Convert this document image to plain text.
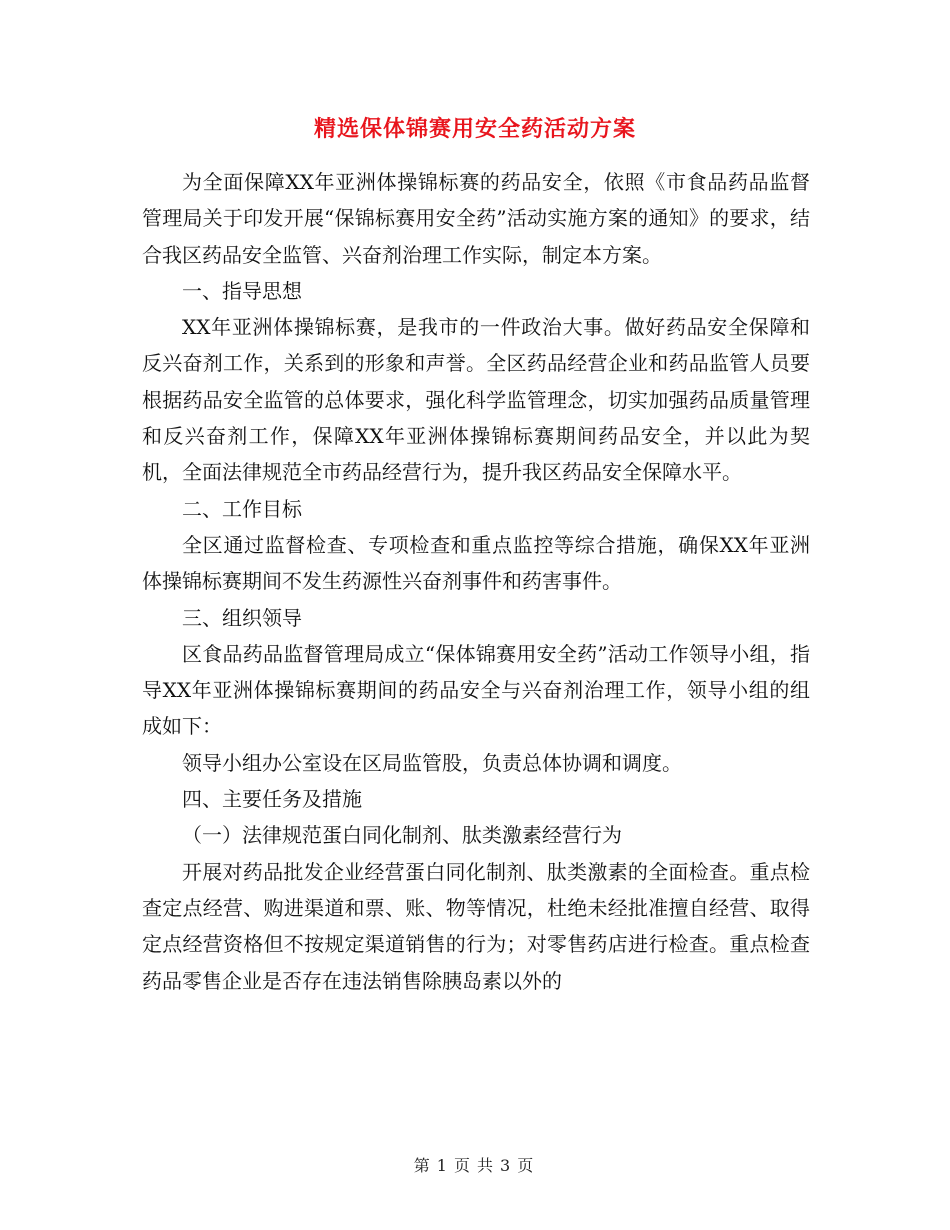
精选保体锦赛用安全药活动方案

为全面保障XX年亚洲体操锦标赛的药品安全，依照《市食品药品监督管理局关于印发开展“保锦标赛用安全药”活动实施方案的通知》的要求，结合我区药品安全监管、兴奋剂治理工作实际，制定本方案。

一、指导思想

XX年亚洲体操锦标赛，是我市的一件政治大事。做好药品安全保障和反兴奋剂工作，关系到的形象和声誉。全区药品经营企业和药品监管人员要根据药品安全监管的总体要求，强化科学监管理念，切实加强药品质量管理和反兴奋剂工作，保障XX年亚洲体操锦标赛期间药品安全，并以此为契机，全面法律规范全市药品经营行为，提升我区药品安全保障水平。

二、工作目标

全区通过监督检查、专项检查和重点监控等综合措施，确保XX年亚洲体操锦标赛期间不发生药源性兴奋剂事件和药害事件。

三、组织领导

区食品药品监督管理局成立“保体锦赛用安全药”活动工作领导小组，指导XX年亚洲体操锦标赛期间的药品安全与兴奋剂治理工作，领导小组的组成如下：

领导小组办公室设在区局监管股，负责总体协调和调度。

四、主要任务及措施

（一）法律规范蛋白同化制剂、肽类激素经营行为

开展对药品批发企业经营蛋白同化制剂、肽类激素的全面检查。重点检查定点经营、购进渠道和票、账、物等情况，杜绝未经批准擅自经营、取得定点经营资格但不按规定渠道销售的行为；对零售药店进行检查。重点检查药品零售企业是否存在违法销售除胰岛素以外的

第 1 页 共 3 页
